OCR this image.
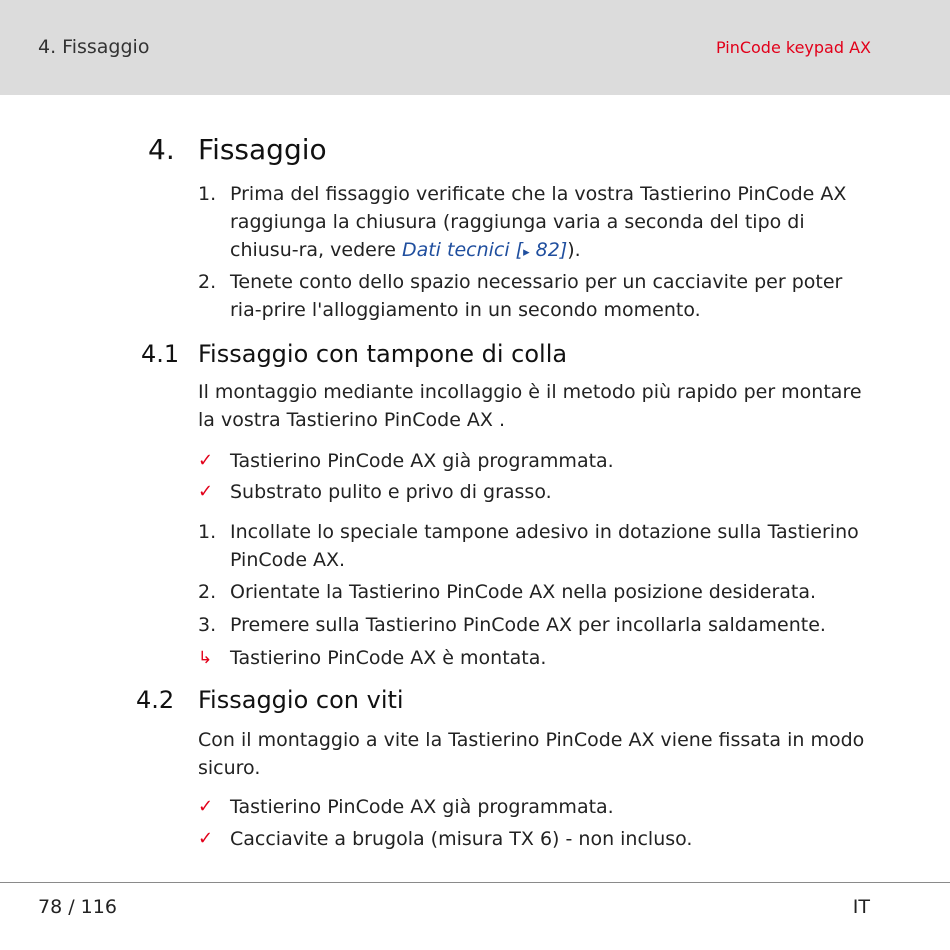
4. Fissaggio	PinCode keypad AX
4. Fissaggio
1. Prima del fissaggio verificate che la vostra Tastierino PinCode AX raggiunga la chiusura (raggiunga varia a seconda del tipo di chiusu-ra, vedere Dati tecnici [▸ 82]).
2. Tenete conto dello spazio necessario per un cacciavite per poter ria-prire l'alloggiamento in un secondo momento.
4.1 Fissaggio con tampone di colla
Il montaggio mediante incollaggio è il metodo più rapido per montare la vostra Tastierino PinCode AX .
✓ Tastierino PinCode AX già programmata.
✓ Substrato pulito e privo di grasso.
1. Incollate lo speciale tampone adesivo in dotazione sulla Tastierino PinCode AX.
2. Orientate la Tastierino PinCode AX nella posizione desiderata.
3. Premere sulla Tastierino PinCode AX per incollarla saldamente.
↳ Tastierino PinCode AX è montata.
4.2 Fissaggio con viti
Con il montaggio a vite la Tastierino PinCode AX viene fissata in modo sicuro.
✓ Tastierino PinCode AX già programmata.
✓ Cacciavite a brugola (misura TX 6) - non incluso.
78 / 116	IT
